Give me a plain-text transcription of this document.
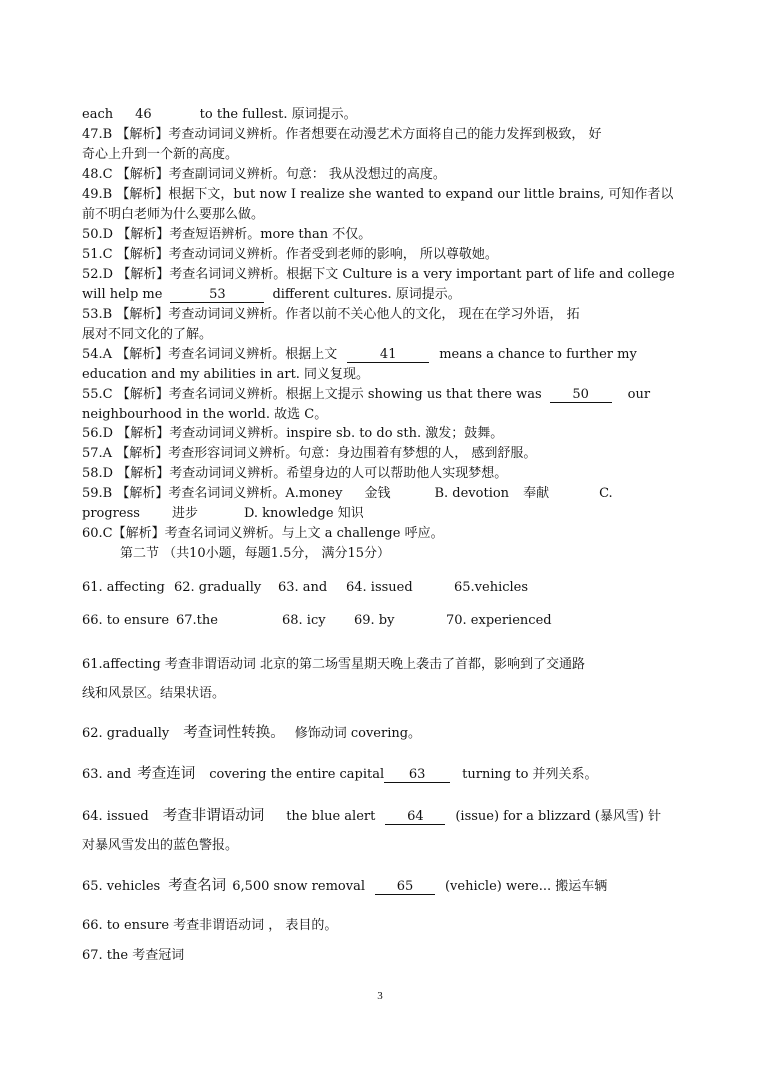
each 46	to the fullest. 原词提示。
47.B 【解析】考查动词词义辨析。作者想要在动漫艺术方面将自己的能力发挥到极致， 好
奇心上升到一个新的高度。
48.C 【解析】考查副词词义辨析。句意： 我从没想过的高度。
49.B 【解析】根据下文，but now I realize she wanted to expand our little brains, 可知作者以
前不明白老师为什么要那么做。
50.D 【解析】考查短语辨析。more than 不仅。
51.C 【解析】考查动词词义辨析。作者受到老师的影响， 所以尊敬她。
52.D 【解析】考查名词词义辨析。根据下文 Culture is a very important part of life and college
will help me	53	different cultures. 原词提示。
53.B 【解析】考查动词词义辨析。作者以前不关心他人的文化， 现在在学习外语， 拓
展对不同文化的了解。
54.A 【解析】考查名词词义辨析。根据上文	41	means a chance to further my
education and my abilities in art. 同义复现。
55.C 【解析】考查名词词义辨析。根据上文提示 showing us that there was 50	our
neighbourhood in the world. 故选 C。
56.D 【解析】考查动词词义辨析。inspire sb. to do sth. 激发；鼓舞。
57.A 【解析】考查形容词词义辨析。句意：身边围着有梦想的人， 感到舒服。
58.D 【解析】考查动词词义辨析。希望身边的人可以帮助他人实现梦想。
59.B 【解析】考查名词词义辨析。A.money 金钱	B. devotion 奉献	C.
progress 进步	D. knowledge 知识
60.C【解析】考查名词词义辨析。与上文 a challenge 呼应。
第二节 （共10小题，每题1.5分， 满分15分）
61. affecting 62. gradually 63. and 64. issued	65.vehicles
66. to ensure 67.the	68. icy 69. by	70. experienced
61.affecting 考查非谓语动词 北京的第二场雪星期天晚上袭击了首都，影响到了交通路
线和风景区。结果状语。
62. gradually 考查词性转换。 修饰动词 covering。
63. and 考查连词 covering the entire capital 63	turning to 并列关系。
64. issued 考查非谓语动词 the blue alert 64 (issue) for a blizzard (暴风雪) 针
对暴风雪发出的蓝色警报。
65. vehicles 考查名词 6,500 snow removal 65 (vehicle) were... 搬运车辆
66. to ensure 考查非谓语动词 ， 表目的。
67. the 考查冠词
3
